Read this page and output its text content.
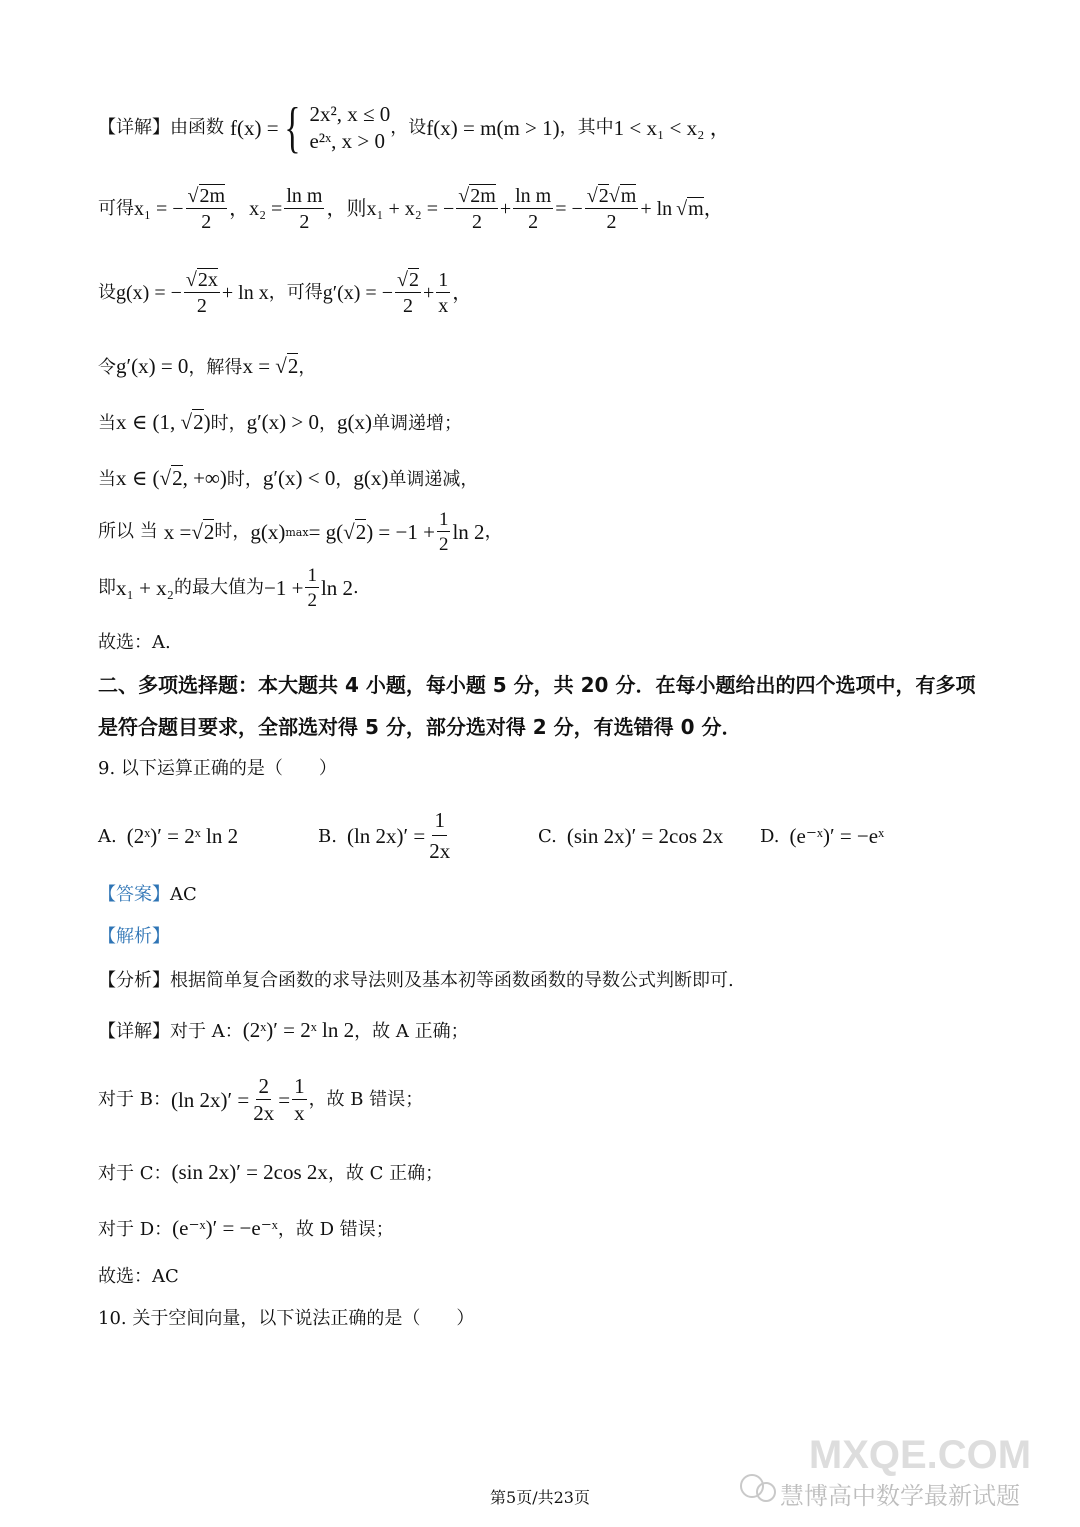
【详解】 由函数 f(x) = { 2x², x ≤ 0
e²ˣ, x > 0
，设 f(x) = m(m > 1) ，其中 1 < x₁ < x₂ ，
可得 x₁ = − $\frac{√2m}{2}$ ， $x_2 = \frac{\text{ln m}}{2}$ ，则 x₁ + x₂ = − $\frac{√2m}{2} + \frac{\text{ln m}}{2}$ = − $\frac{√2√m}{2} + \ln √m$ ，
设 g(x) = − $\frac{√2x}{2} + \ln x$ ，可得 g′(x) = − $\frac{√2}{2} + \frac{1}{x}$ ，
令g′(x) = 0，解得x = √2，
当x ∈ (1, √2)时，g′(x) > 0，g(x)单调递增；
当x ∈ (√2, +∞)时，g′(x) < 0，g(x)单调递减，
所以 当 x = √2 时， g(x) max = g( √2 ) = $-1 + \frac{1}{2}$ ln 2 ，
即 x₁ + x₂ 的最大值为 $-1 + \frac{1}{2}$ ln 2 .
故选：A.
二、多项选择题：本大题共 4 小题，每小题 5 分，共 20 分．在每小题给出的四个选项中，有多项是符合题目要求，全部选对得 5 分，部分选对得 2 分，有选错得 0 分．
9. 以下运算正确的是（　　）
A. (2ˣ)′ = 2ˣ ln 2	B. (ln $2x)' = \frac{1}{2x}$	C. (sin 2x)′ = 2cos 2x D. (e⁻ˣ)′ = −eˣ
【答案】AC
【解析】
【分析】根据简单复合函数的求导法则及基本初等函数函数的导数公式判断即可.
【详解】对于 A：(2ˣ)′ = 2ˣ ln 2，故 A 正确；
对于 B： (ln $2x)' = \frac{2}{2x} = \frac{1}{x}$ ，故 B 错误；
对于 C：(sin 2x)′ = 2cos 2x，故 C 正确；
对于 D：(e⁻ˣ)′ = −e⁻ˣ，故 D 错误；
故选：AC
10. 关于空间向量，以下说法正确的是（　　）
MXQE.COM
慧博高中数学最新试题
第5页/共23页
